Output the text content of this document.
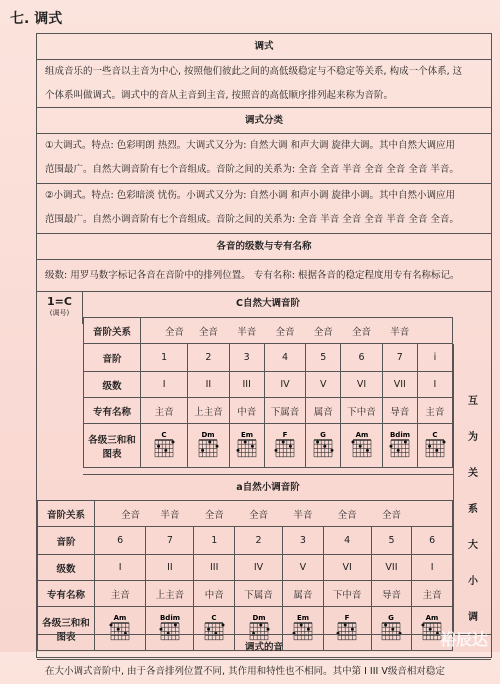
七. 调式
调式
组成音乐的一些音以主音为中心, 按照他们彼此之间的高低级稳定与不稳定等关系, 构成一个体系, 这
个体系叫做调式。调式中的音从主音到主音, 按照音的高低顺序排列起来称为音阶。
调式分类
①大调式。特点: 色彩明朗 热烈。大调式又分为: 自然大调 和声大调 旋律大调。其中自然大调应用
范围最广。自然大调音阶有七个音组成。音阶之间的关系为: 全音 全音 半音 全音 全音 全音 半音。
②小调式。特点: 色彩暗淡 忧伤。小调式又分为: 自然小调 和声小调 旋律小调。其中自然小调应用
范围最广。自然小调音阶有七个音组成。音阶之间的关系为: 全音 半音 全音 全音 半音 全音 全音。
各音的级数与专有名称
级数: 用罗马数字标记各音在音阶中的排列位置。 专有名称: 根据各音的稳定程度用专有名称标记。
1=C
(调号)
C自然大调音阶
音阶关系		全音	全音	半音	全音	全音	全音	半音	
音阶	1		2	3	4	5	6	7	i
级数	I		II	III	IV	V	VI	VII	I
专有名称	主音		上主音	中音	下属音	属音	下中音	导音	主音
各级三和和图表	C		Dm	Em	F	G	Am	Bdim	C
a自然小调音阶
音阶关系		全音	半音	全音	全音	半音	全音	全音	
音阶	6		7	1	2	3	4	5	6
级数	I		II	III	IV	V	VI	VII	I
专有名称	主音		上主音	中音	下属音	属音	下中音	导音	主音
各级三和和图表	Am		Bdim	C	Dm	Em	F	G	Am
互
为
关
系
大
小
调
调式的音
在大小调式音阶中, 由于各音排列位置不同, 其作用和特性也不相同。其中第 I III V级音相对稳定
裕辰达
